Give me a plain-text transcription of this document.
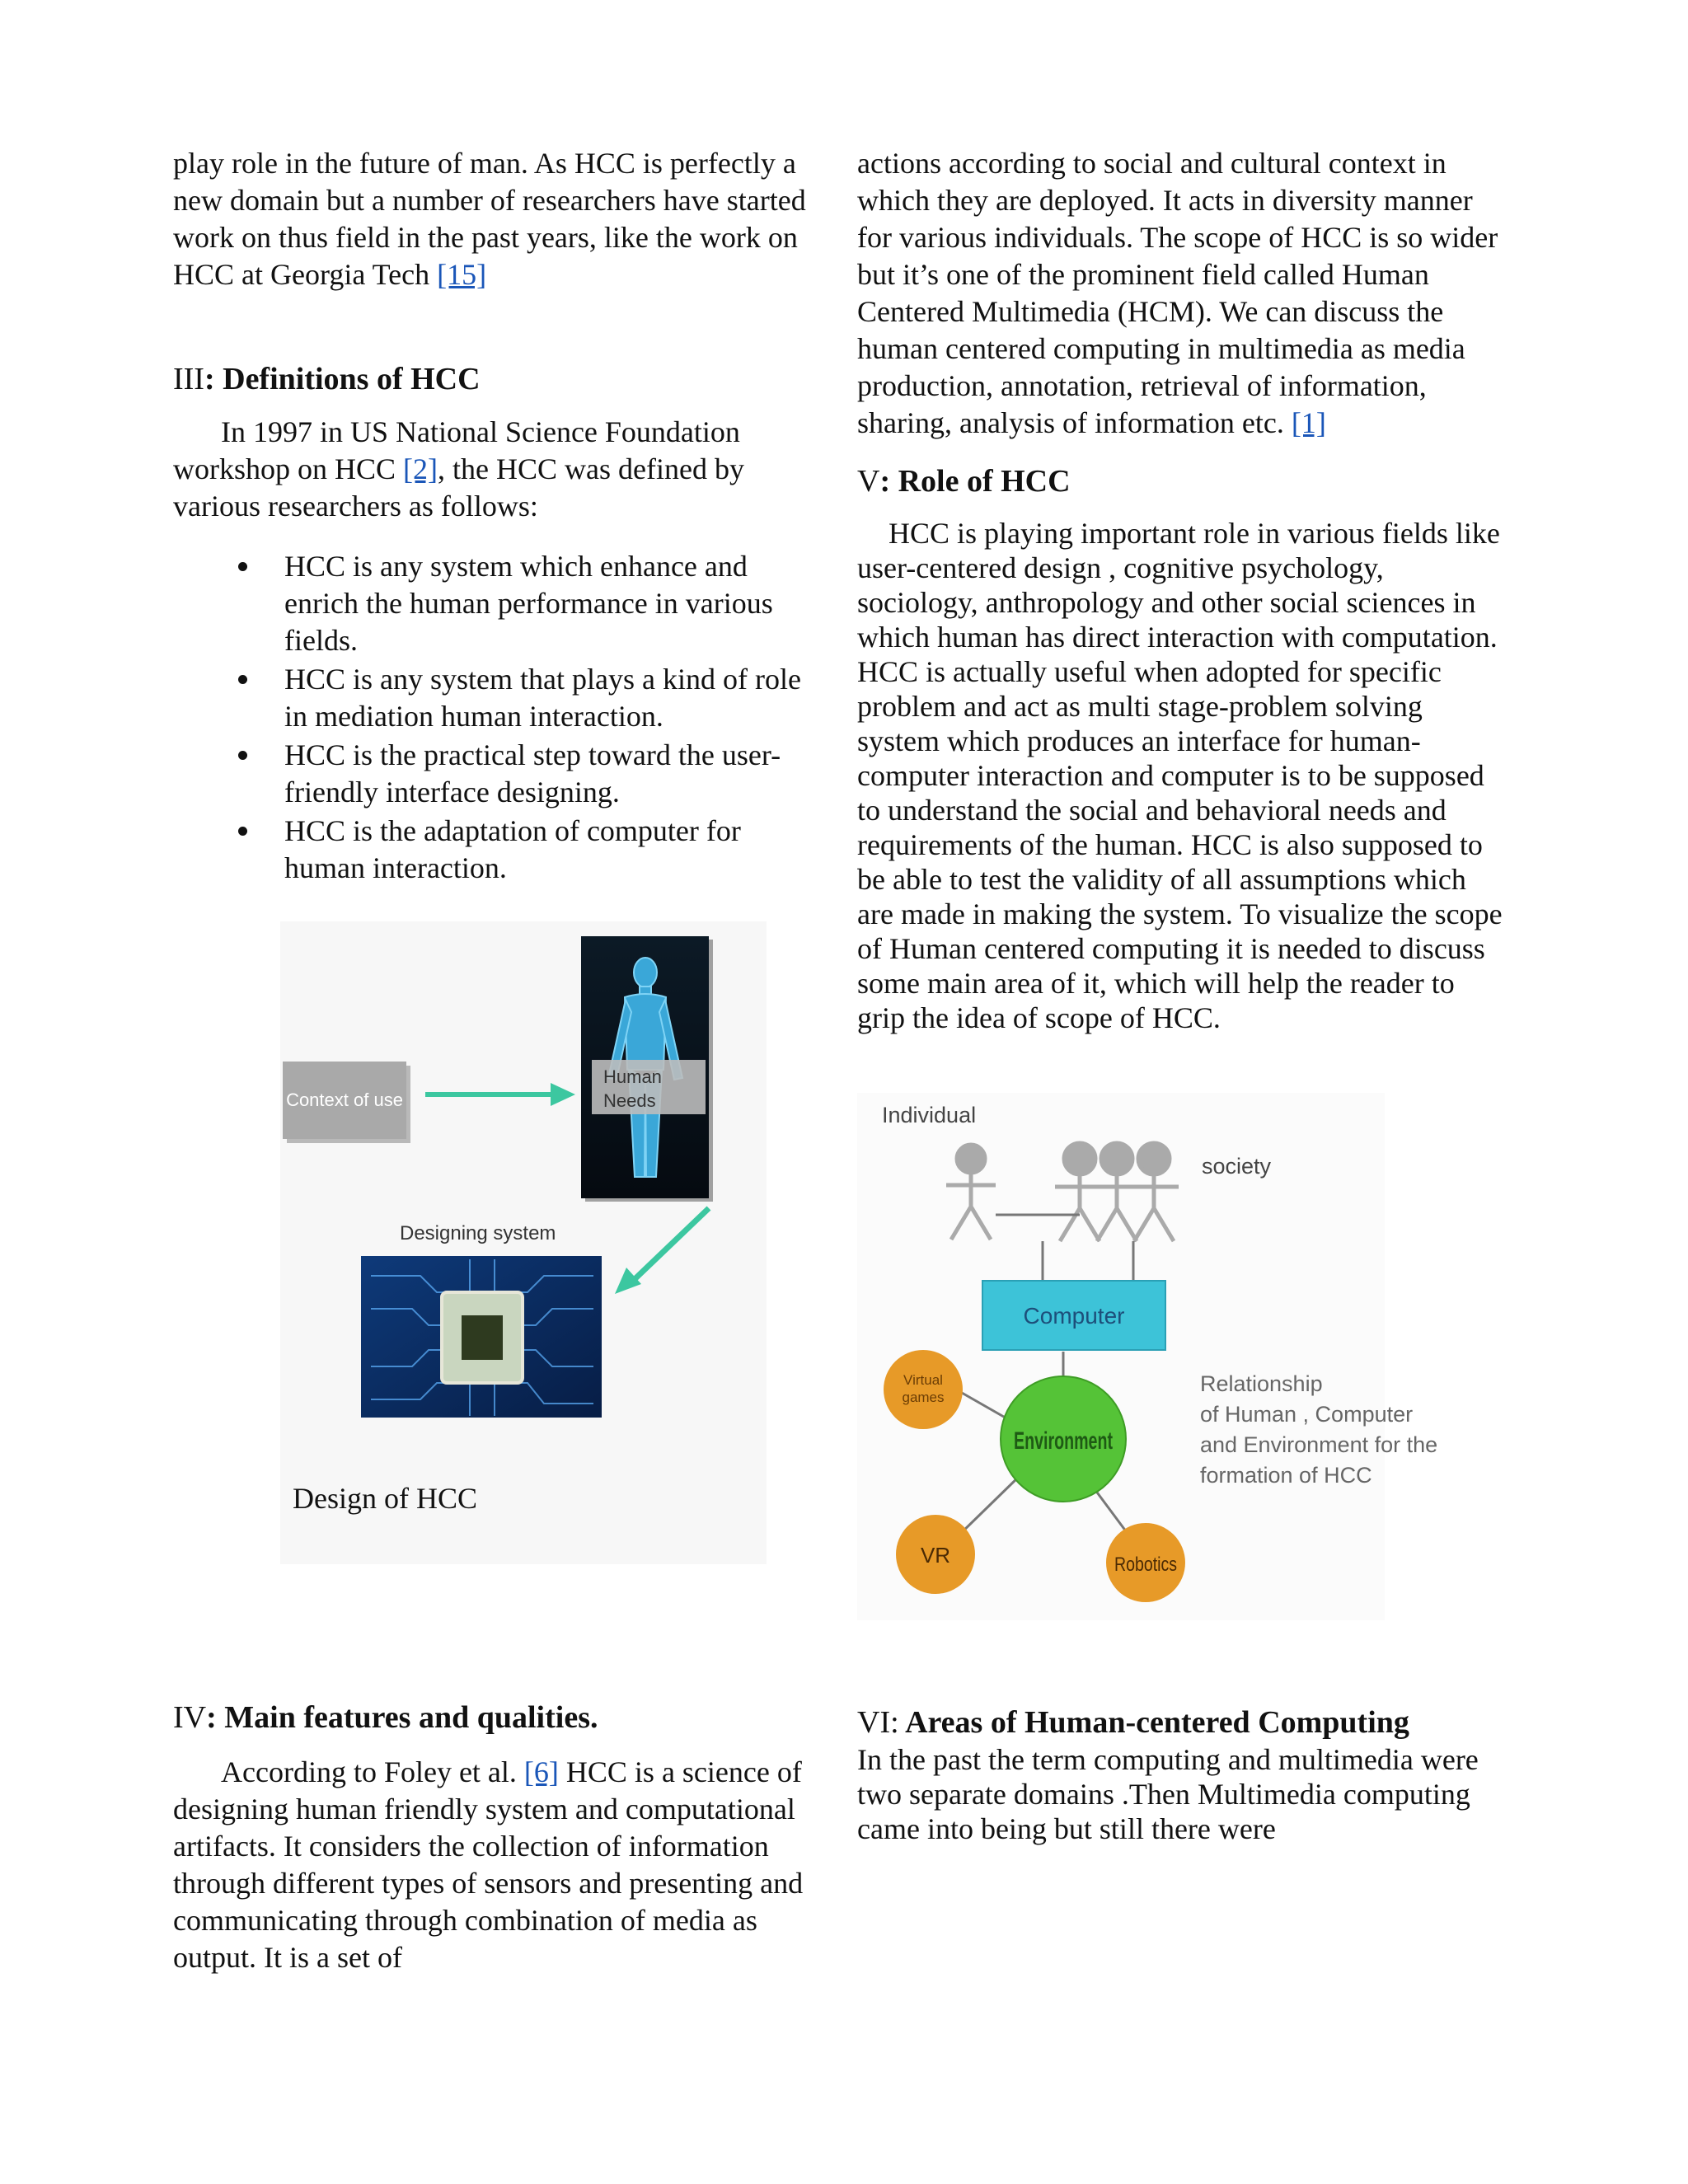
play role in the future of man. As HCC is perfectly a new domain but a number of researchers have started work on thus field in the past years, like the work on HCC at Georgia Tech [15]

III: Definitions of HCC

In 1997 in US National Science Foundation workshop on HCC [2], the HCC was defined by various researchers as follows:

HCC is any system which enhance and enrich the human performance in various fields.
HCC is any system that plays a kind of role in mediation human interaction.
HCC is the practical step toward the user-friendly interface designing.
HCC is the adaptation of computer for human interaction.
Context of use
Human
Needs
Designing system
Design of HCC
IV: Main features and qualities.

According to Foley et al. [6] HCC is a science of designing human friendly system and computational artifacts. It considers the collection of information through different types of sensors and presenting and communicating through combination of media as output. It is a set of

actions according to social and cultural context in which they are deployed. It acts in diversity manner for various individuals. The scope of HCC is so wider but it’s one of the prominent field called Human Centered Multimedia (HCM). We can discuss the human centered computing in multimedia as media production, annotation, retrieval of information, sharing, analysis of information etc. [1]

V: Role of HCC

HCC is playing important role in various fields like user-centered design , cognitive psychology, sociology, anthropology and other social sciences in which human has direct interaction with computation. HCC is actually useful when adopted for specific problem and act as multi stage-problem solving system which produces an interface for human-computer interaction and computer is to be supposed to understand the social and behavioral needs and requirements of the human. HCC is also supposed to be able to test the validity of all assumptions which are made in making the system. To visualize the scope of Human centered computing it is needed to discuss some main area of it, which will help the reader to grip the idea of scope of HCC.

Individual
society
Computer
Environment
Virtual
games
VR	Robotics
Relationship
of Human , Computer
and Environment for the
formation of HCC
VI: Areas of Human-centered Computing

In the past the term computing and multimedia were two separate domains .Then Multimedia computing came into being but still there were
